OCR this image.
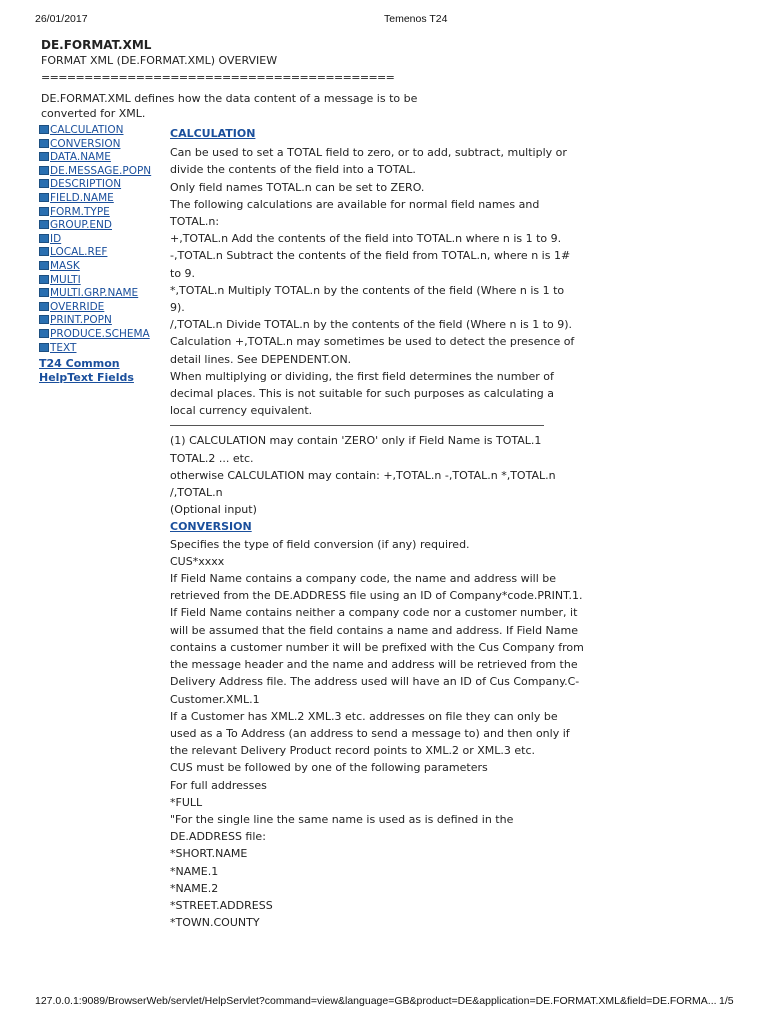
26/01/2017	Temenos T24
DE.FORMAT.XML
FORMAT XML (DE.FORMAT.XML) OVERVIEW
=========================================
DE.FORMAT.XML defines how the data content of a message is to be converted for XML.
CALCULATION
CONVERSION
DATA.NAME
DE.MESSAGE.POPN
DESCRIPTION
FIELD.NAME
FORM.TYPE
GROUP.END
ID
LOCAL.REF
MASK
MULTI
MULTI.GRP.NAME
OVERRIDE
PRINT.POPN
PRODUCE.SCHEMA
TEXT
T24 Common
HelpText Fields

CALCULATION

Can be used to set a TOTAL field to zero, or to add, subtract, multiply or divide the contents of the field into a TOTAL.

Only field names TOTAL.n can be set to ZERO.

The following calculations are available for normal field names and TOTAL.n:

+,TOTAL.n Add the contents of the field into TOTAL.n where n is 1 to 9.

-,TOTAL.n Subtract the contents of the field from TOTAL.n, where n is 1# to 9.

*,TOTAL.n Multiply TOTAL.n by the contents of the field (Where n is 1 to 9).

/,TOTAL.n Divide TOTAL.n by the contents of the field (Where n is 1 to 9).

Calculation +,TOTAL.n may sometimes be used to detect the presence of detail lines. See DEPENDENT.ON.

When multiplying or dividing, the first field determines the number of decimal places. This is not suitable for such purposes as calculating a local currency equivalent.

(1) CALCULATION may contain 'ZERO' only if Field Name is TOTAL.1 TOTAL.2 ... etc.

otherwise CALCULATION may contain: +,TOTAL.n -,TOTAL.n *,TOTAL.n /,TOTAL.n

(Optional input)

CONVERSION

Specifies the type of field conversion (if any) required.

CUS*xxxx

If Field Name contains a company code, the name and address will be retrieved from the DE.ADDRESS file using an ID of Company*code.PRINT.1. If Field Name contains neither a company code nor a customer number, it will be assumed that the field contains a name and address. If Field Name contains a customer number it will be prefixed with the Cus Company from the message header and the name and address will be retrieved from the Delivery Address file. The address used will have an ID of Cus Company.C-Customer.XML.1

If a Customer has XML.2 XML.3 etc. addresses on file they can only be used as a To Address (an address to send a message to) and then only if the relevant Delivery Product record points to XML.2 or XML.3 etc.

CUS must be followed by one of the following parameters

For full addresses

*FULL

"For the single line the same name is used as is defined in the DE.ADDRESS file:

*SHORT.NAME

*NAME.1

*NAME.2

*STREET.ADDRESS

*TOWN.COUNTY

127.0.0.1:9089/BrowserWeb/servlet/HelpServlet?command=view&language=GB&product=DE&application=DE.FORMAT.XML&field=DE.FORMA... 1/5
